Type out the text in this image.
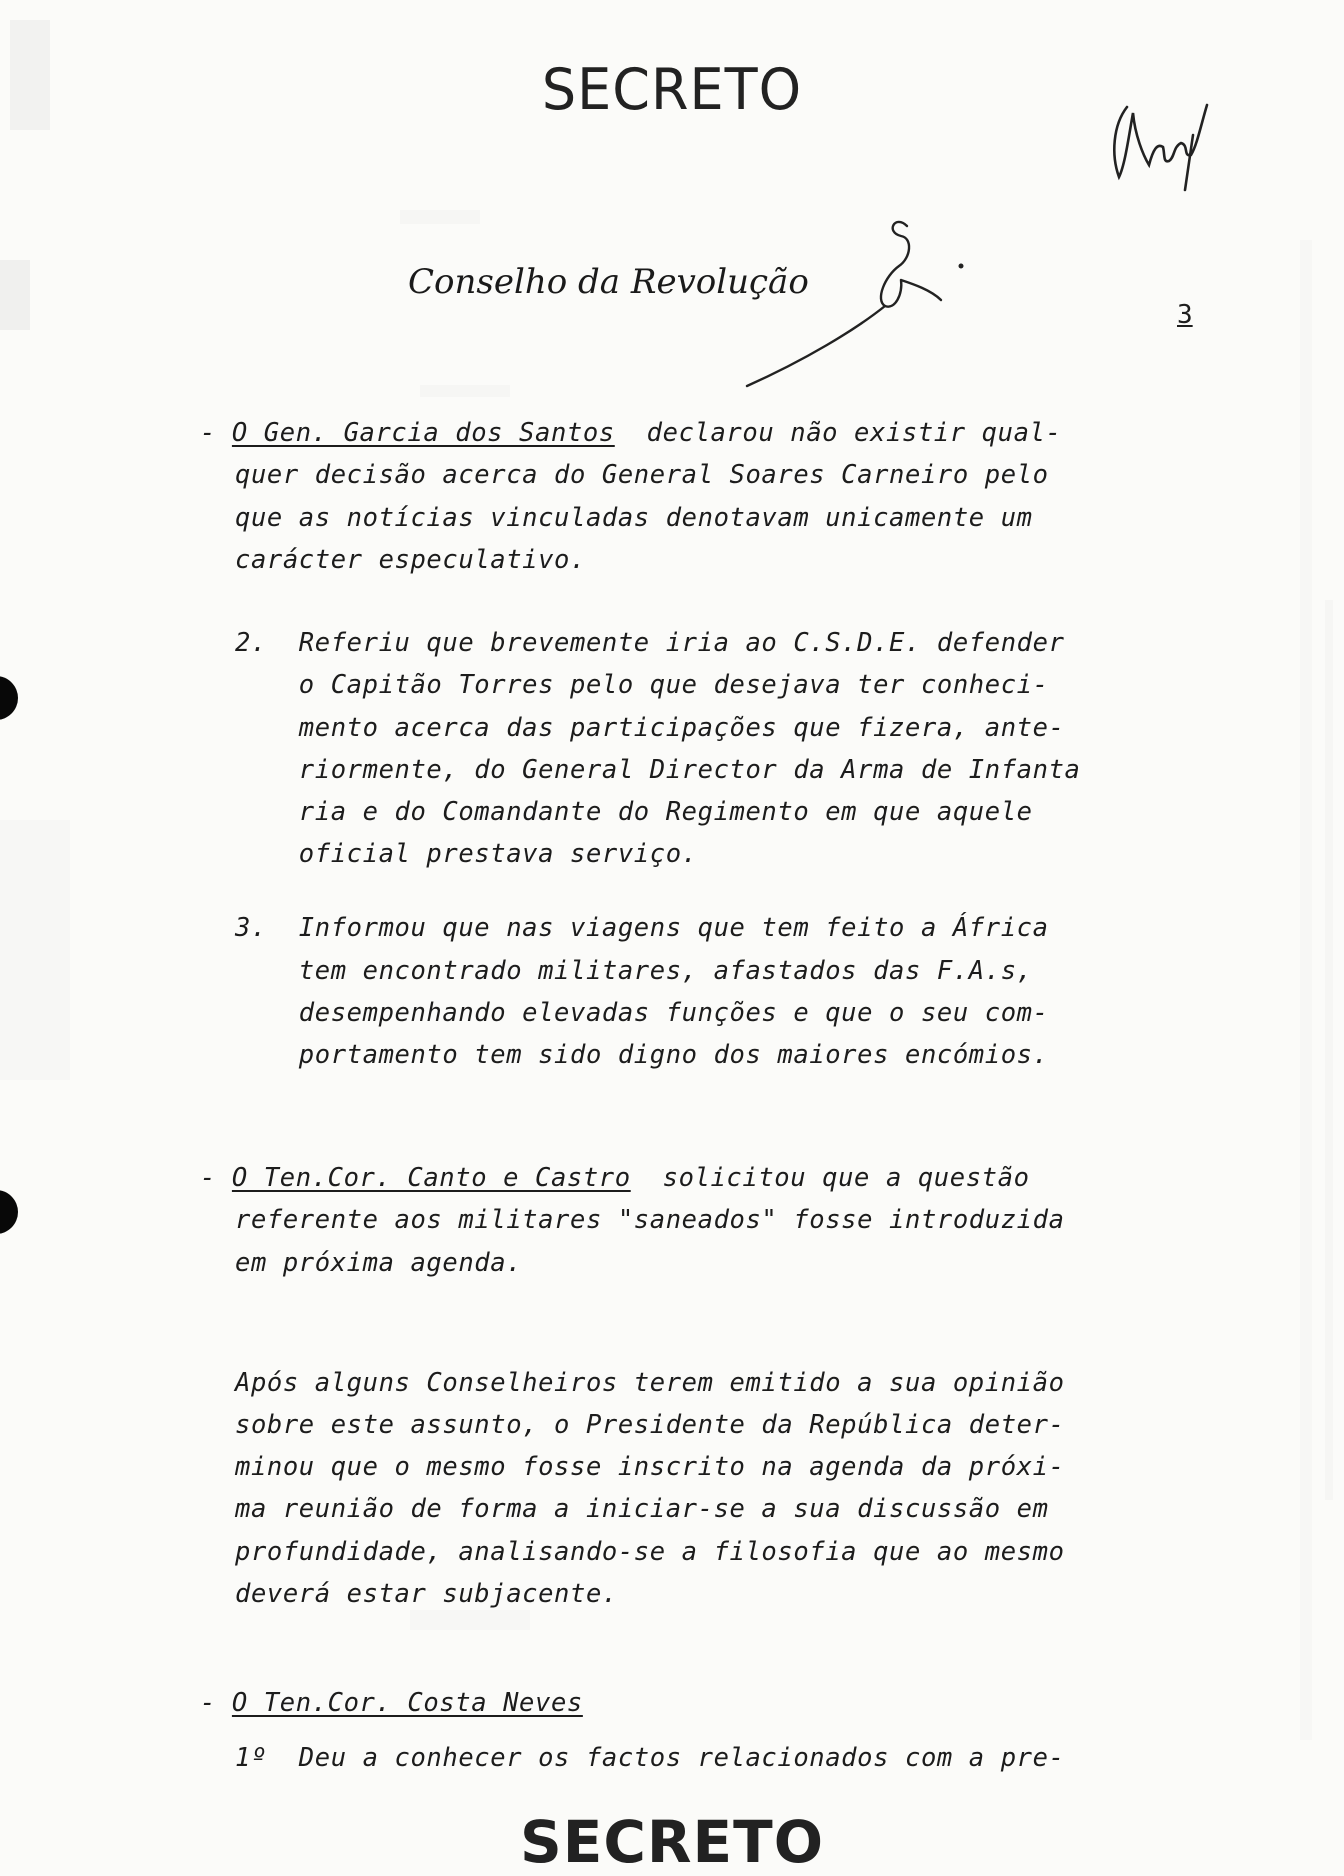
SECRETO
Conselho da Revolução
3
- O Gen. Garcia dos Santos  declarou não existir qual-
quer decisão acerca do General Soares Carneiro pelo
que as notícias vinculadas denotavam unicamente um
carácter especulativo.
2.  Referiu que brevemente iria ao C.S.D.E. defender
o Capitão Torres pelo que desejava ter conheci-
mento acerca das participações que fizera, ante-
riormente, do General Director da Arma de Infanta
ria e do Comandante do Regimento em que aquele
oficial prestava serviço.
3.  Informou que nas viagens que tem feito a África
tem encontrado militares, afastados das F.A.s,
desempenhando elevadas funções e que o seu com-
portamento tem sido digno dos maiores encómios.
- O Ten.Cor. Canto e Castro  solicitou que a questão
referente aos militares "saneados" fosse introduzida
em próxima agenda.
Após alguns Conselheiros terem emitido a sua opinião
sobre este assunto, o Presidente da República deter-
minou que o mesmo fosse inscrito na agenda da próxi-
ma reunião de forma a iniciar-se a sua discussão em
profundidade, analisando-se a filosofia que ao mesmo
deverá estar subjacente.
- O Ten.Cor. Costa Neves
1º  Deu a conhecer os factos relacionados com a pre-
SECRETO
